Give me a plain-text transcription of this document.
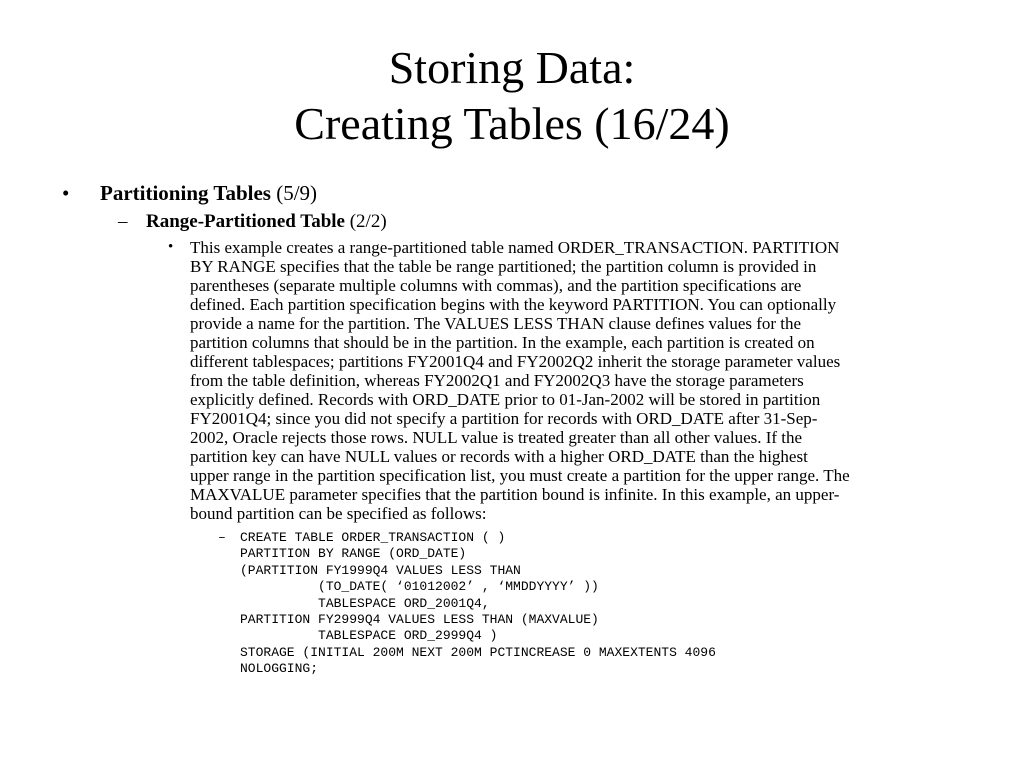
Storing Data:
Creating Tables (16/24)
• Partitioning Tables (5/9)
– Range-Partitioned Table (2/2)
• This example creates a range-partitioned table named ORDER_TRANSACTION. PARTITION
BY RANGE specifies that the table be range partitioned; the partition column is provided in
parentheses (separate multiple columns with commas), and the partition specifications are
defined. Each partition specification begins with the keyword PARTITION. You can optionally
provide a name for the partition. The VALUES LESS THAN clause defines values for the
partition columns that should be in the partition. In the example, each partition is created on
different tablespaces; partitions FY2001Q4 and FY2002Q2 inherit the storage parameter values
from the table definition, whereas FY2002Q1 and FY2002Q3 have the storage parameters
explicitly defined. Records with ORD_DATE prior to 01-Jan-2002 will be stored in partition
FY2001Q4; since you did not specify a partition for records with ORD_DATE after 31-Sep-
2002, Oracle rejects those rows. NULL value is treated greater than all other values. If the
partition key can have NULL values or records with a higher ORD_DATE than the highest
upper range in the partition specification list, you must create a partition for the upper range. The
MAXVALUE parameter specifies that the partition bound is infinite. In this example, an upper-
bound partition can be specified as follows:
– CREATE TABLE ORDER_TRANSACTION ( )
PARTITION BY RANGE (ORD_DATE)
(PARTITION FY1999Q4 VALUES LESS THAN
(TO_DATE( ‘01012002’ , ‘MMDDYYYY’ ))
TABLESPACE ORD_2001Q4,
PARTITION FY2999Q4 VALUES LESS THAN (MAXVALUE)
TABLESPACE ORD_2999Q4 )
STORAGE (INITIAL 200M NEXT 200M PCTINCREASE 0 MAXEXTENTS 4096
NOLOGGING;
